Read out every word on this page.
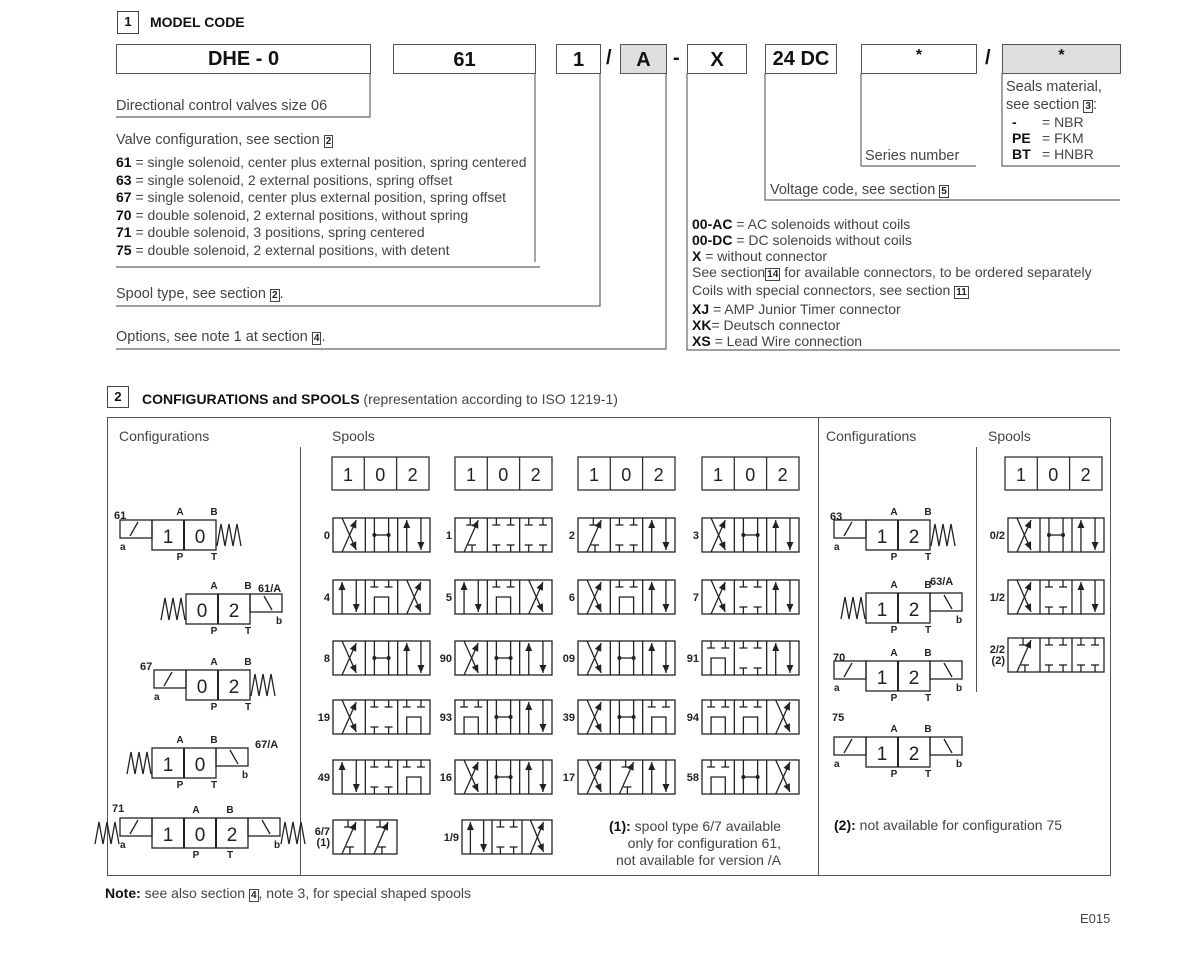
1	MODEL CODE
DHE - 0	61	1	/	A	-	X	24 DC	*	/	*
Directional control valves size 06
Valve configuration, see section 2
61 = single solenoid, center plus external position, spring centered
63 = single solenoid, 2 external positions, spring offset
67 = single solenoid, center plus external position, spring offset
70 = double solenoid, 2 external positions, without spring
71 = double solenoid, 3 positions, spring centered
75 = double solenoid, 2 external positions, with detent
Spool type, see section 2 .
Options, see note 1 at section 4 .
Seals material,
see section 3 :
- = NBR
PE = FKM
BT = HNBR
Series number
Voltage code, see section 5
00-AC = AC solenoids without coils
00-DC = DC solenoids without coils
X = without connector
See section 14 for available connectors, to be ordered separately
Coils with special connectors, see section 11
XJ = AMP Junior Timer connector
XK= Deutsch connector
XS = Lead Wire connection
2	CONFIGURATIONS and SPOOLS (representation according to ISO 1219-1)
Configurations	Spools	Configurations	Spools
1 0 2	1 0 2	1 0 2	1 0 2	1 0 2
0	1	2	3
4	5	6	7
8	90	09	91
19	93	39	94
49	16	17	58
6/7
(1)	1/9
0/2
1/2
2/2
(2)
1 0
A	B
P	T
a
61
0 2
A	B
P	T
b
61/A
0 2
A	B
P	T
a
67
1 0
A	B
P	T
b
67/A
1 0 2
A	B
P	T
a	b
71
1 2
A	B
P	T
a
63
1 2
A	B
P	T
b
63/A
1 2
A	B
P	T
a	b
70
1 2
A	B
P	T
a	b
75
(1): spool type 6/7 available
only for configuration 61,
not available for version /A
(2): not available for configuration 75
Note: see also section 4 , note 3, for special shaped spools
E015
